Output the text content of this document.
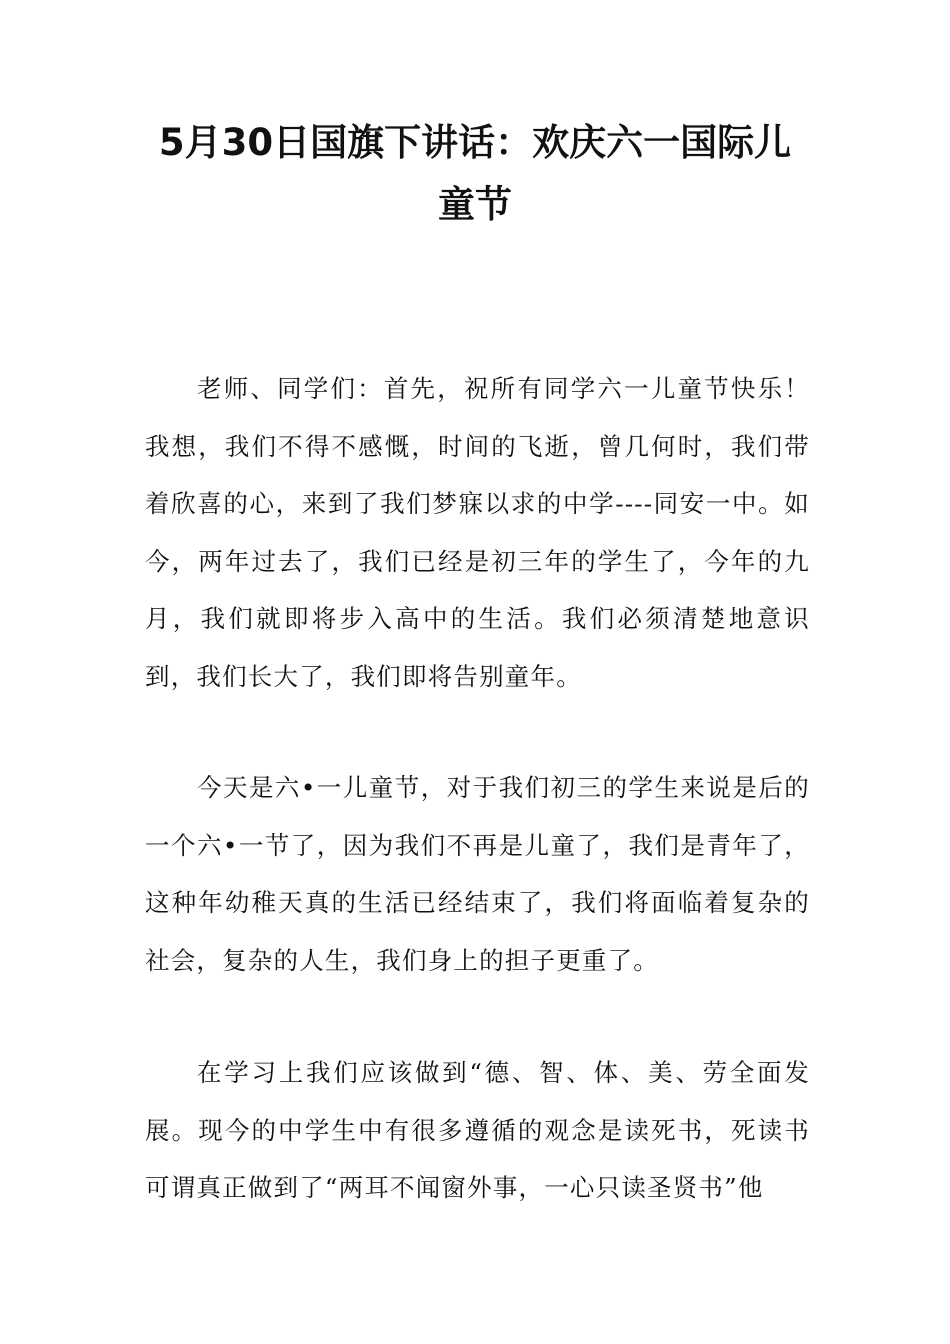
5月30日国旗下讲话：欢庆六一国际儿童节

老师、同学们：首先，祝所有同学六一儿童节快乐！我想，我们不得不感慨，时间的飞逝，曾几何时，我们带着欣喜的心，来到了我们梦寐以求的中学----同安一中。如今，两年过去了，我们已经是初三年的学生了，今年的九月，我们就即将步入高中的生活。我们必须清楚地意识到，我们长大了，我们即将告别童年。

今天是六•一儿童节，对于我们初三的学生来说是后的一个六•一节了，因为我们不再是儿童了，我们是青年了，这种年幼稚天真的生活已经结束了，我们将面临着复杂的社会，复杂的人生，我们身上的担子更重了。

在学习上我们应该做到“德、智、体、美、劳全面发展。现今的中学生中有很多遵循的观念是读死书，死读书可谓真正做到了“两耳不闻窗外事，一心只读圣贤书”他
